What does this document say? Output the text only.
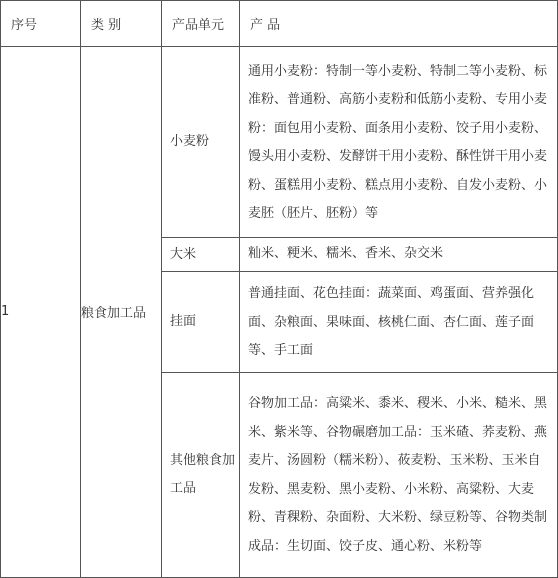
序号	类 别	产品单元	产 品
1	粮食加工品	小麦粉	通用小麦粉：特制一等小麦粉、特制二等小麦粉、标准粉、普通粉、高筋小麦粉和低筋小麦粉、专用小麦粉：面包用小麦粉、面条用小麦粉、饺子用小麦粉、馒头用小麦粉、发酵饼干用小麦粉、酥性饼干用小麦粉、蛋糕用小麦粉、糕点用小麦粉、自发小麦粉、小麦胚（胚片、胚粉）等
		大米	籼米、粳米、糯米、香米、杂交米
		挂面	普通挂面、花色挂面：蔬菜面、鸡蛋面、营养强化面、杂粮面、果味面、核桃仁面、杏仁面、莲子面等、手工面
		其他粮食加工品	谷物加工品：高粱米、黍米、稷米、小米、糙米、黑米、紫米等、谷物碾磨加工品：玉米碴、荞麦粉、燕麦片、汤圆粉（糯米粉）、莜麦粉、玉米粉、玉米自发粉、黑麦粉、黑小麦粉、小米粉、高粱粉、大麦粉、青稞粉、杂面粉、大米粉、绿豆粉等、谷物类制成品：生切面、饺子皮、通心粉、米粉等
